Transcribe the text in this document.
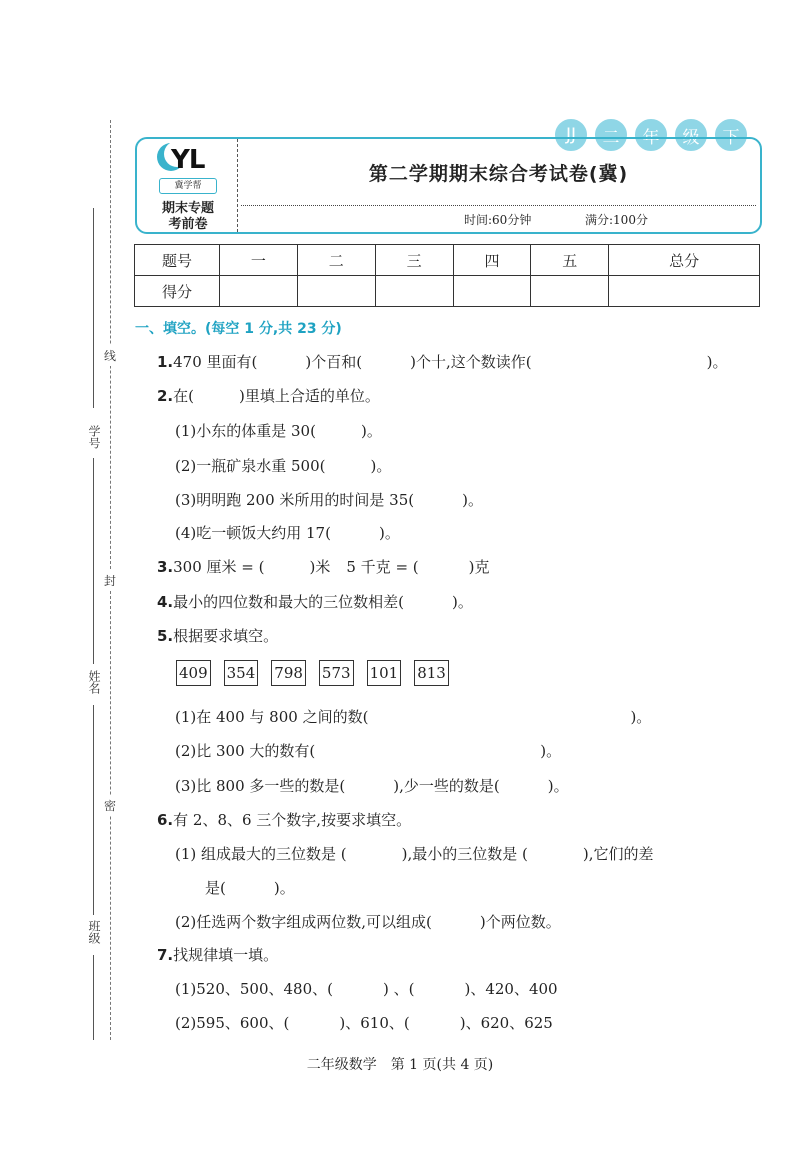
学号
姓名
班级
线
封
密
JJ	二	年	级	下
YL
冀学帮
期末专题
考前卷
第二学期期末综合考试卷(冀)
时间:60分钟	满分:100分
题号	一	二	三	四	五	总分
得分						
一、填空。(每空 1 分,共 23 分)
1.470 里面有(	)个百和(	)个十,这个数读作(	)。
2.在(	)里填上合适的单位。
(1)小东的体重是 30(	)。
(2)一瓶矿泉水重 500(	)。
(3)明明跑 200 米所用的时间是 35(	)。
(4)吃一顿饭大约用 17(	)。
3.300 厘米 = (	)米 5 千克 = (	)克
4.最小的四位数和最大的三位数相差(	)。
5.根据要求填空。
409 354 798 573 101 813
(1)在 400 与 800 之间的数(	)。
(2)比 300 大的数有(	)。
(3)比 800 多一些的数是(	),少一些的数是(	)。
6.有 2、8、6 三个数字,按要求填空。
(1) 组成最大的三位数是 (	),最小的三位数是 (	),它们的差
是(	)。
(2)任选两个数字组成两位数,可以组成(	)个两位数。
7.找规律填一填。
(1)520、500、480、(	) 、(	)、420、400
(2)595、600、(	)、610、(	)、620、625
二年级数学　第 1 页(共 4 页)
